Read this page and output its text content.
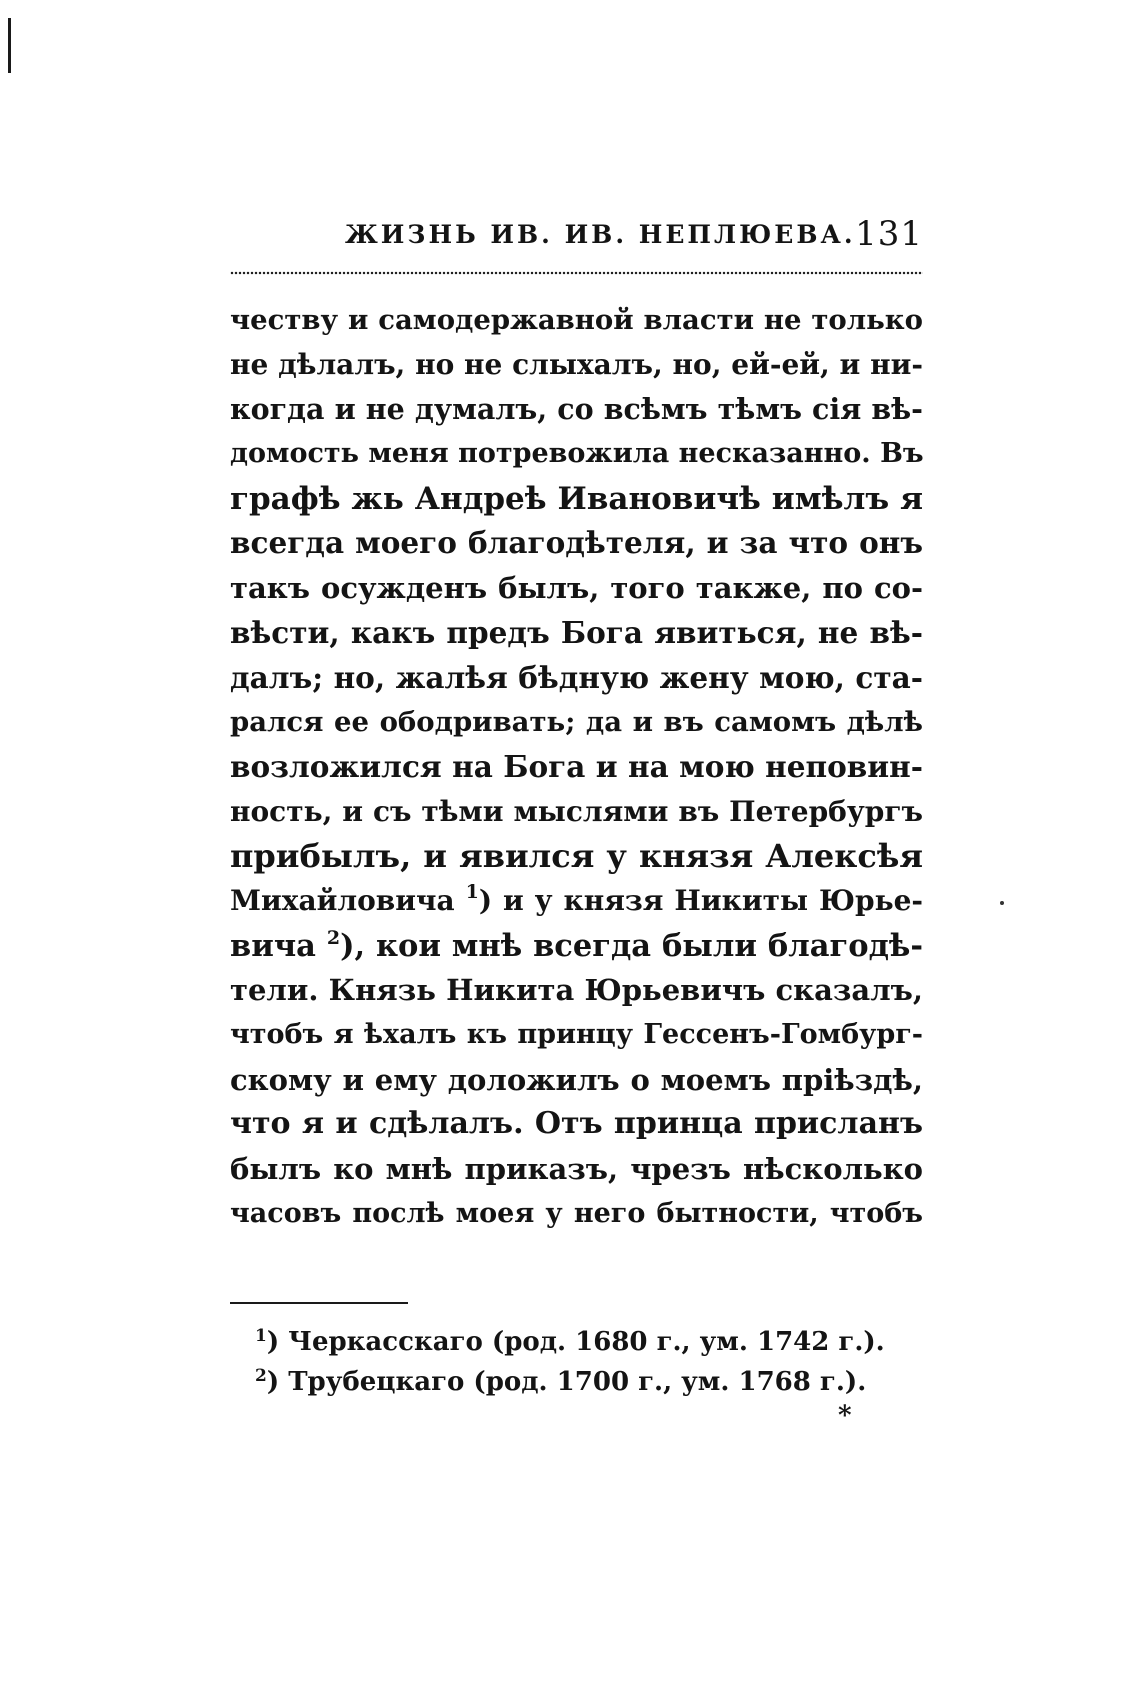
ЖИЗНЬ ИВ. ИВ. НЕПЛЮЕВА. 131
честву и самодержавной власти не только
не дѣлалъ, но не слыхалъ, но, ей-ей, и ни-
когда и не думалъ, со всѣмъ тѣмъ сія вѣ-
домость меня потревожила несказанно. Въ
графѣ жь Андреѣ Ивановичѣ имѣлъ я
всегда моего благодѣтеля, и за что онъ
такъ осужденъ былъ, того также, по со-
вѣсти, какъ предъ Бога явиться, не вѣ-
далъ; но, жалѣя бѣдную жену мою, ста-
рался ее ободривать; да и въ самомъ дѣлѣ
возложился на Бога и на мою неповин-
ность, и съ тѣми мыслями въ Петербургъ
прибылъ, и явился у князя Алексѣя
Михайловича $^1$) и у князя Никиты Юрье-
вича $^2$), кои мнѣ всегда были благодѣ-
тели. Князь Никита Юрьевичъ сказалъ,
чтобъ я ѣхалъ къ принцу Гессенъ-Гомбург-
скому и ему доложилъ о моемъ пріѣздѣ,
что я и сдѣлалъ. Отъ принца присланъ
былъ ко мнѣ приказъ, чрезъ нѣсколько
часовъ послѣ моея у него бытности, чтобъ
$^1$) Черкасскаго (род. 1680 г., ум. 1742 г.).
$^2$) Трубецкаго (род. 1700 г., ум. 1768 г.).
*
